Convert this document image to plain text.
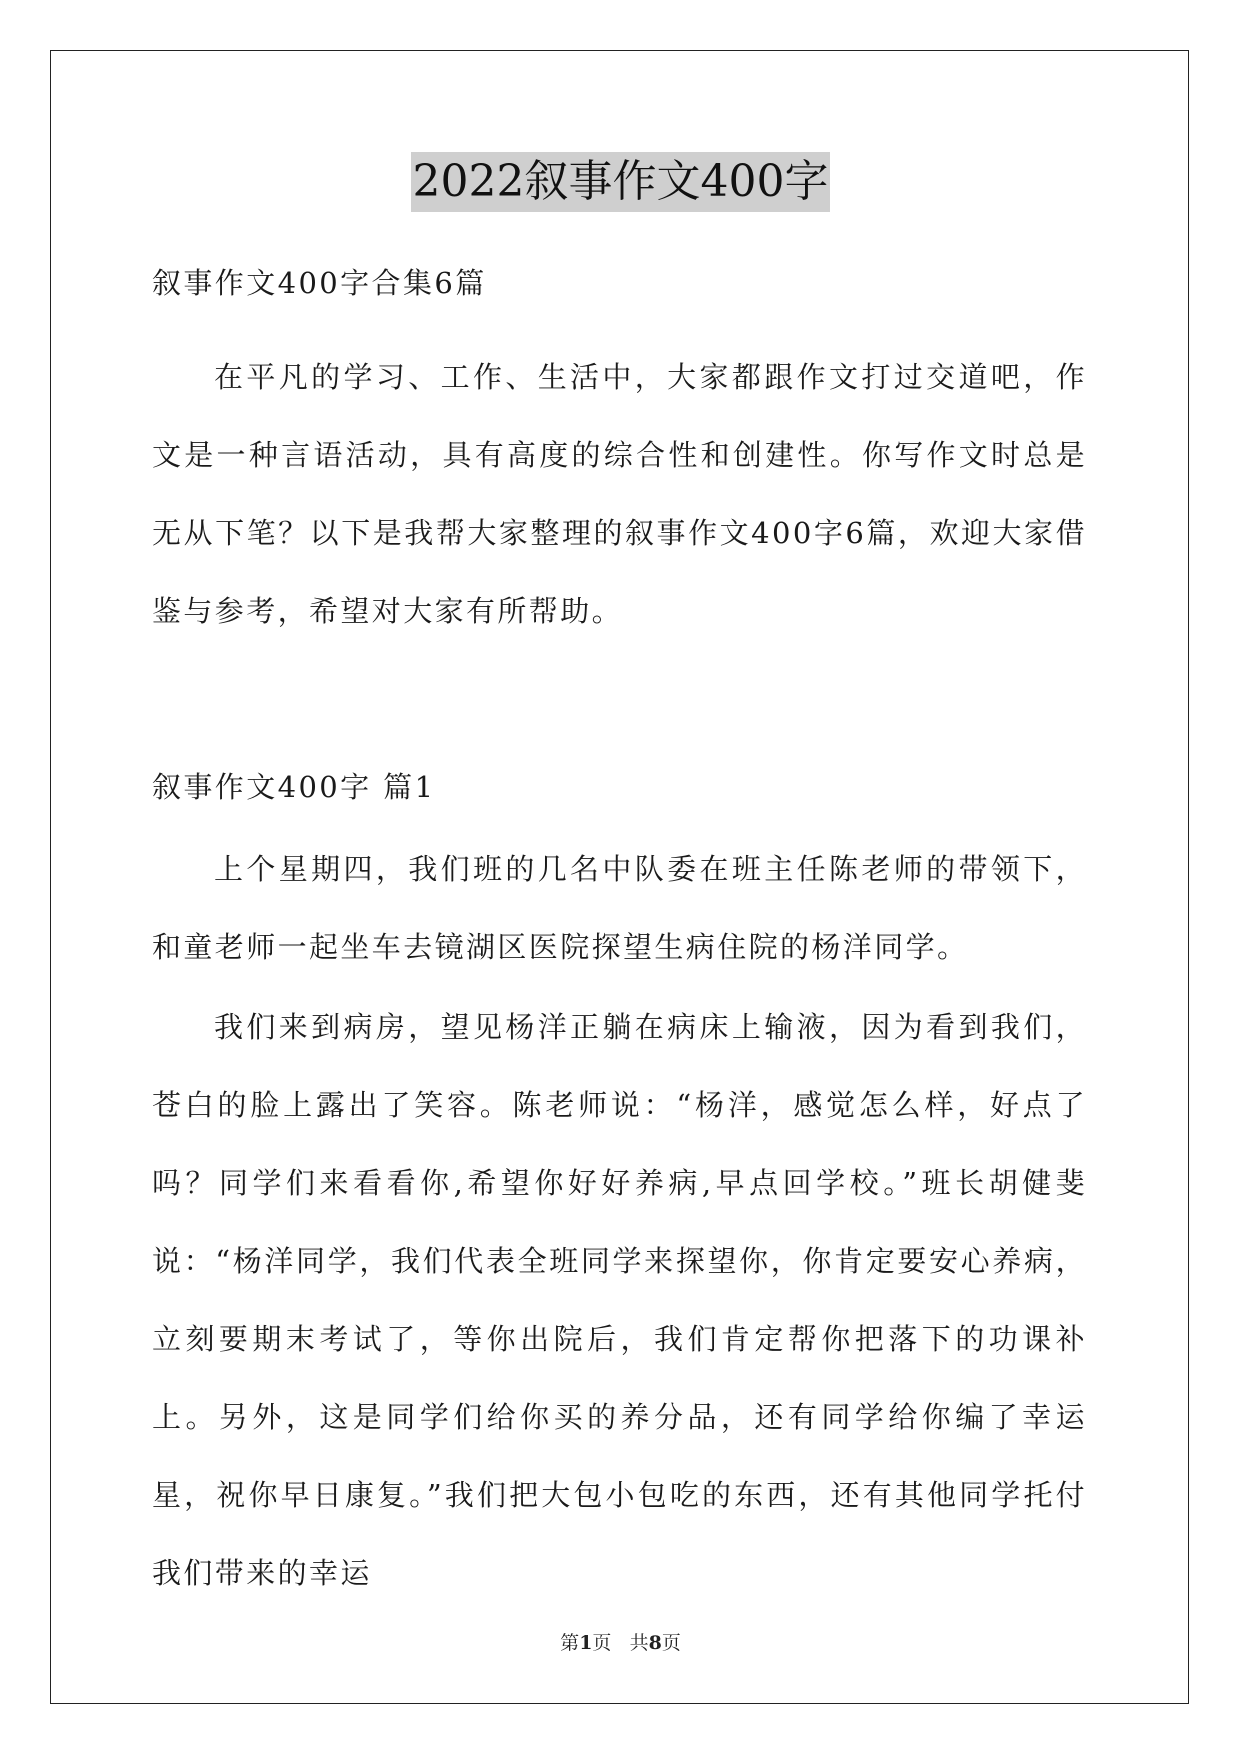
2022叙事作文400字

叙事作文400字合集6篇

在平凡的学习、工作、生活中，大家都跟作文打过交道吧，作文是一种言语活动，具有高度的综合性和创建性。你写作文时总是无从下笔？以下是我帮大家整理的叙事作文400字6篇，欢迎大家借鉴与参考，希望对大家有所帮助。

叙事作文400字 篇1

上个星期四，我们班的几名中队委在班主任陈老师的带领下，和童老师一起坐车去镜湖区医院探望生病住院的杨洋同学。

我们来到病房，望见杨洋正躺在病床上输液，因为看到我们，苍白的脸上露出了笑容。陈老师说：“杨洋，感觉怎么样，好点了吗？同学们来看看你,希望你好好养病,早点回学校。”班长胡健斐说：“杨洋同学，我们代表全班同学来探望你，你肯定要安心养病，立刻要期末考试了，等你出院后，我们肯定帮你把落下的功课补上。另外，这是同学们给你买的养分品，还有同学给你编了幸运星，祝你早日康复。”我们把大包小包吃的东西，还有其他同学托付我们带来的幸运

第1页 共8页
